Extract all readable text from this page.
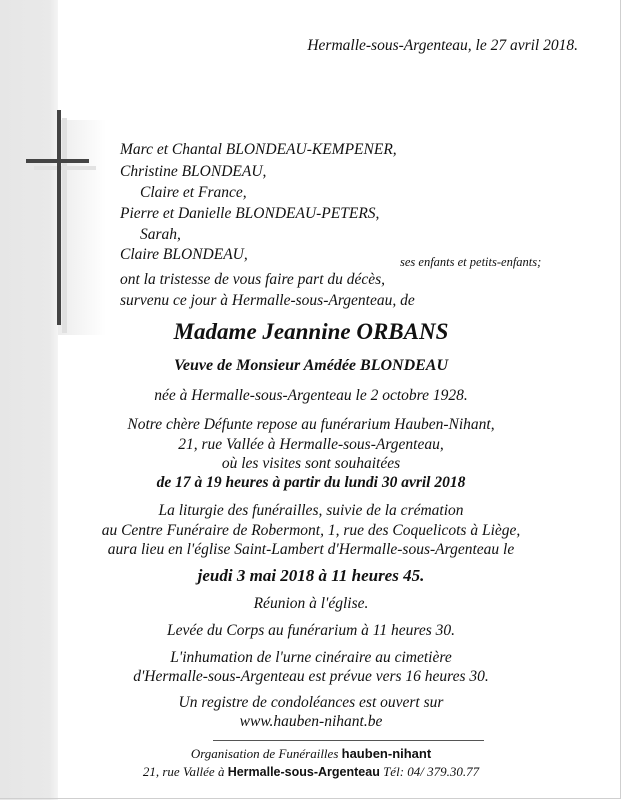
Hermalle-sous-Argenteau, le 27 avril 2018.
Marc et Chantal BLONDEAU-KEMPENER,
Christine BLONDEAU,
Claire et France,
Pierre et Danielle BLONDEAU-PETERS,
Sarah,
Claire BLONDEAU,	ses enfants et petits-enfants;
ont la tristesse de vous faire part du décès,
survenu ce jour à Hermalle-sous-Argenteau, de
Madame Jeannine ORBANS
Veuve de Monsieur Amédée BLONDEAU
née à Hermalle-sous-Argenteau le 2 octobre 1928.
Notre chère Défunte repose au funérarium Hauben-Nihant,
21, rue Vallée à Hermalle-sous-Argenteau,
où les visites sont souhaitées
de 17 à 19 heures à partir du lundi 30 avril 2018
La liturgie des funérailles, suivie de la crémation
au Centre Funéraire de Robermont, 1, rue des Coquelicots à Liège,
aura lieu en l'église Saint-Lambert d'Hermalle-sous-Argenteau le
jeudi 3 mai 2018 à 11 heures 45.
Réunion à l'église.
Levée du Corps au funérarium à 11 heures 30.
L'inhumation de l'urne cinéraire au cimetière
d'Hermalle-sous-Argenteau est prévue vers 16 heures 30.
Un registre de condoléances est ouvert sur
www.hauben-nihant.be
Organisation de Funérailles hauben-nihant
21, rue Vallée à Hermalle-sous-Argenteau Tél: 04/ 379.30.77
